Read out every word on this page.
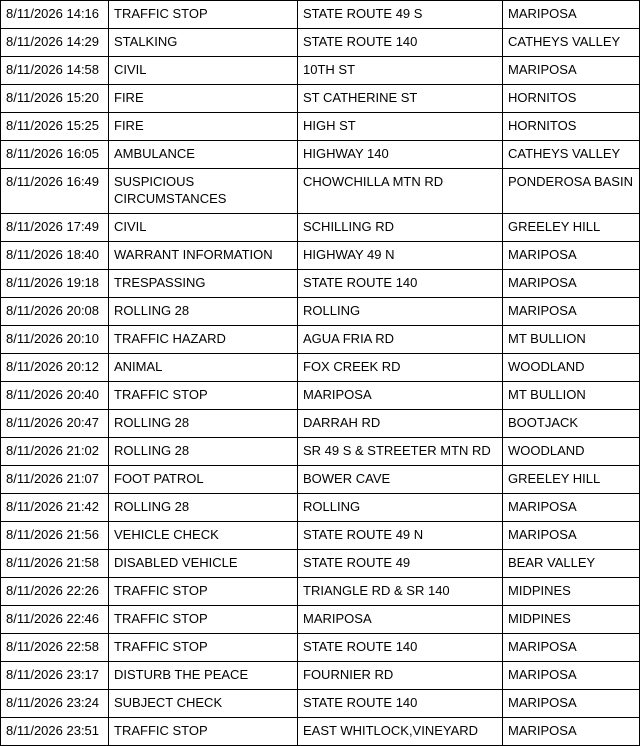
8/11/2026 14:16	TRAFFIC STOP	STATE ROUTE 49 S	MARIPOSA
8/11/2026 14:29	STALKING	STATE ROUTE 140	CATHEYS VALLEY
8/11/2026 14:58	CIVIL	10TH ST	MARIPOSA
8/11/2026 15:20	FIRE	ST CATHERINE ST	HORNITOS
8/11/2026 15:25	FIRE	HIGH ST	HORNITOS
8/11/2026 16:05	AMBULANCE	HIGHWAY 140	CATHEYS VALLEY
8/11/2026 16:49	SUSPICIOUS CIRCUMSTANCES	CHOWCHILLA MTN RD	PONDEROSA BASIN
8/11/2026 17:49	CIVIL	SCHILLING RD	GREELEY HILL
8/11/2026 18:40	WARRANT INFORMATION	HIGHWAY 49 N	MARIPOSA
8/11/2026 19:18	TRESPASSING	STATE ROUTE 140	MARIPOSA
8/11/2026 20:08	ROLLING 28	ROLLING	MARIPOSA
8/11/2026 20:10	TRAFFIC HAZARD	AGUA FRIA RD	MT BULLION
8/11/2026 20:12	ANIMAL	FOX CREEK RD	WOODLAND
8/11/2026 20:40	TRAFFIC STOP	MARIPOSA	MT BULLION
8/11/2026 20:47	ROLLING 28	DARRAH RD	BOOTJACK
8/11/2026 21:02	ROLLING 28	SR 49 S & STREETER MTN RD	WOODLAND
8/11/2026 21:07	FOOT PATROL	BOWER CAVE	GREELEY HILL
8/11/2026 21:42	ROLLING 28	ROLLING	MARIPOSA
8/11/2026 21:56	VEHICLE CHECK	STATE ROUTE 49 N	MARIPOSA
8/11/2026 21:58	DISABLED VEHICLE	STATE ROUTE 49	BEAR VALLEY
8/11/2026 22:26	TRAFFIC STOP	TRIANGLE RD & SR 140	MIDPINES
8/11/2026 22:46	TRAFFIC STOP	MARIPOSA	MIDPINES
8/11/2026 22:58	TRAFFIC STOP	STATE ROUTE 140	MARIPOSA
8/11/2026 23:17	DISTURB THE PEACE	FOURNIER RD	MARIPOSA
8/11/2026 23:24	SUBJECT CHECK	STATE ROUTE 140	MARIPOSA
8/11/2026 23:51	TRAFFIC STOP	EAST WHITLOCK,VINEYARD	MARIPOSA
